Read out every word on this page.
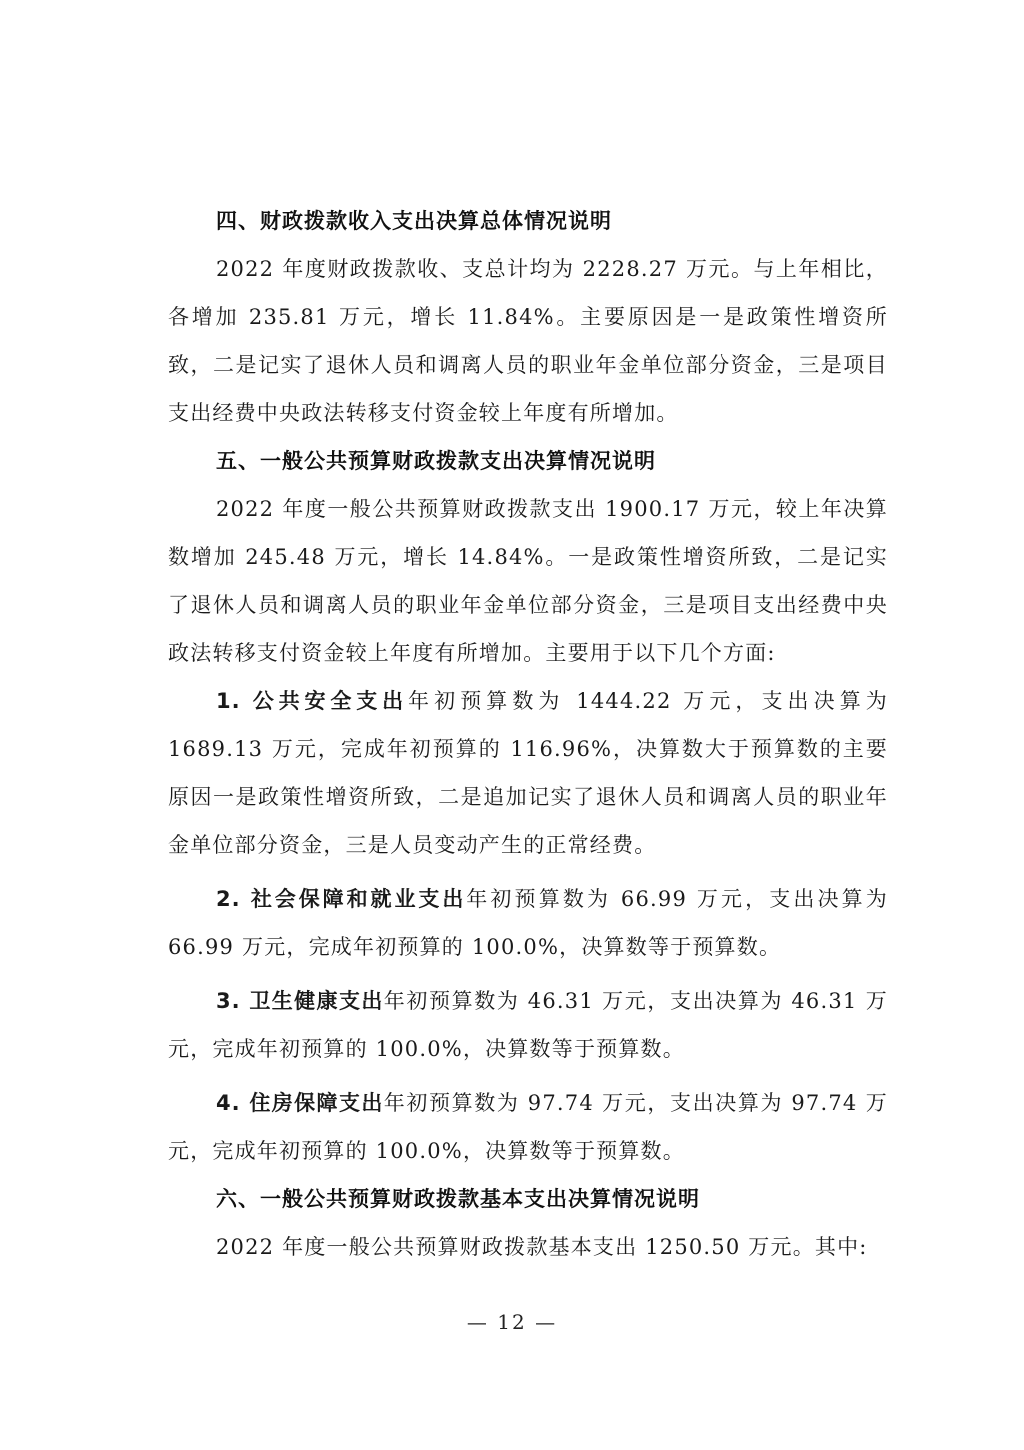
四、财政拨款收入支出决算总体情况说明

2022 年度财政拨款收、支总计均为 2228.27 万元。与上年相比，各增加 235.81 万元，增长 11.84%。主要原因是一是政策性增资所致，二是记实了退休人员和调离人员的职业年金单位部分资金，三是项目支出经费中央政法转移支付资金较上年度有所增加。

五、一般公共预算财政拨款支出决算情况说明

2022 年度一般公共预算财政拨款支出 1900.17 万元，较上年决算数增加 245.48 万元，增长 14.84%。一是政策性增资所致，二是记实了退休人员和调离人员的职业年金单位部分资金，三是项目支出经费中央政法转移支付资金较上年度有所增加。主要用于以下几个方面:

1. 公共安全支出年初预算数为 1444.22 万元，支出决算为 1689.13 万元，完成年初预算的 116.96%，决算数大于预算数的主要原因一是政策性增资所致，二是追加记实了退休人员和调离人员的职业年金单位部分资金，三是人员变动产生的正常经费。

2. 社会保障和就业支出年初预算数为 66.99 万元，支出决算为 66.99 万元，完成年初预算的 100.0%，决算数等于预算数。

3. 卫生健康支出年初预算数为 46.31 万元，支出决算为 46.31 万元，完成年初预算的 100.0%，决算数等于预算数。

4. 住房保障支出年初预算数为 97.74 万元，支出决算为 97.74 万元，完成年初预算的 100.0%，决算数等于预算数。

六、一般公共预算财政拨款基本支出决算情况说明

2022 年度一般公共预算财政拨款基本支出 1250.50 万元。其中:

— 12 —
